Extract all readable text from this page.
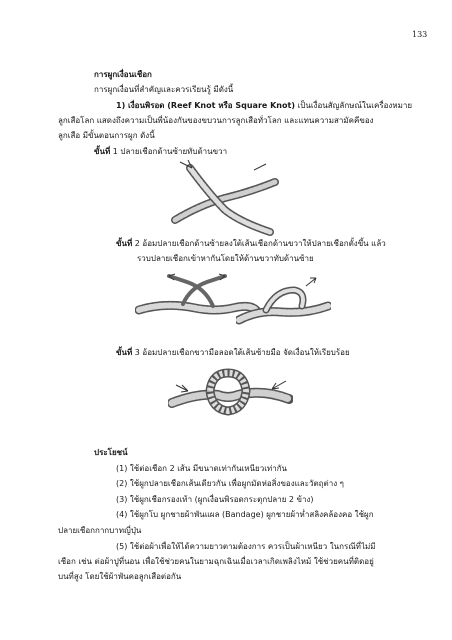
133
การผูกเงื่อนเชือก
การผูกเงื่อนที่สำคัญและควรเรียนรู้ มีดังนี้
1) เงื่อนพิรอด (Reef Knot หรือ Square Knot) เป็นเงื่อนสัญลักษณ์ในเครื่องหมาย
ลูกเสือโลก แสดงถึงความเป็นพี่น้องกันของขบวนการลูกเสือทั่วโลก และแทนความสามัคคีของ
ลูกเสือ มีขั้นตอนการผูก ดังนี้
ขั้นที่ 1 ปลายเชือกด้านซ้ายทับด้านขวา
ขั้นที่ 2 อ้อมปลายเชือกด้านซ้ายลงใต้เส้นเชือกด้านขวาให้ปลายเชือกตั้งขึ้น แล้ว
รวบปลายเชือกเข้าหากันโดยให้ด้านขวาทับด้านซ้าย
ขั้นที่ 3 อ้อมปลายเชือกขวามือลอดใต้เส้นซ้ายมือ จัดเงื่อนให้เรียบร้อย
ประโยชน์
(1) ใช้ต่อเชือก 2 เส้น มีขนาดเท่ากันเหนียวเท่ากัน
(2) ใช้ผูกปลายเชือกเส้นเดียวกัน เพื่อผูกมัดห่อสิ่งของและวัตถุต่าง ๆ
(3) ใช้ผูกเชือกรองเท้า (ผูกเงื่อนพิรอดกระตุกปลาย 2 ข้าง)
(4) ใช้ผูกโบ ผูกชายผ้าพันแผล (Bandage) ผูกชายผ้าห่ำสลิงคล้องคอ ใช้ผูก
ปลายเชือกกากบาทญี่ปุ่น
(5) ใช้ต่อผ้าเพื่อให้ได้ความยาวตามต้องการ ควรเป็นผ้าเหนียว ในกรณีที่ไม่มี
เชือก เช่น ต่อผ้าปูที่นอน เพื่อใช้ช่วยคนในยามฉุกเฉินเมื่อเวลาเกิดเพลิงไหม้ ใช้ช่วยคนที่ติดอยู่
บนที่สูง โดยใช้ผ้าพันคอลูกเสือต่อกัน
